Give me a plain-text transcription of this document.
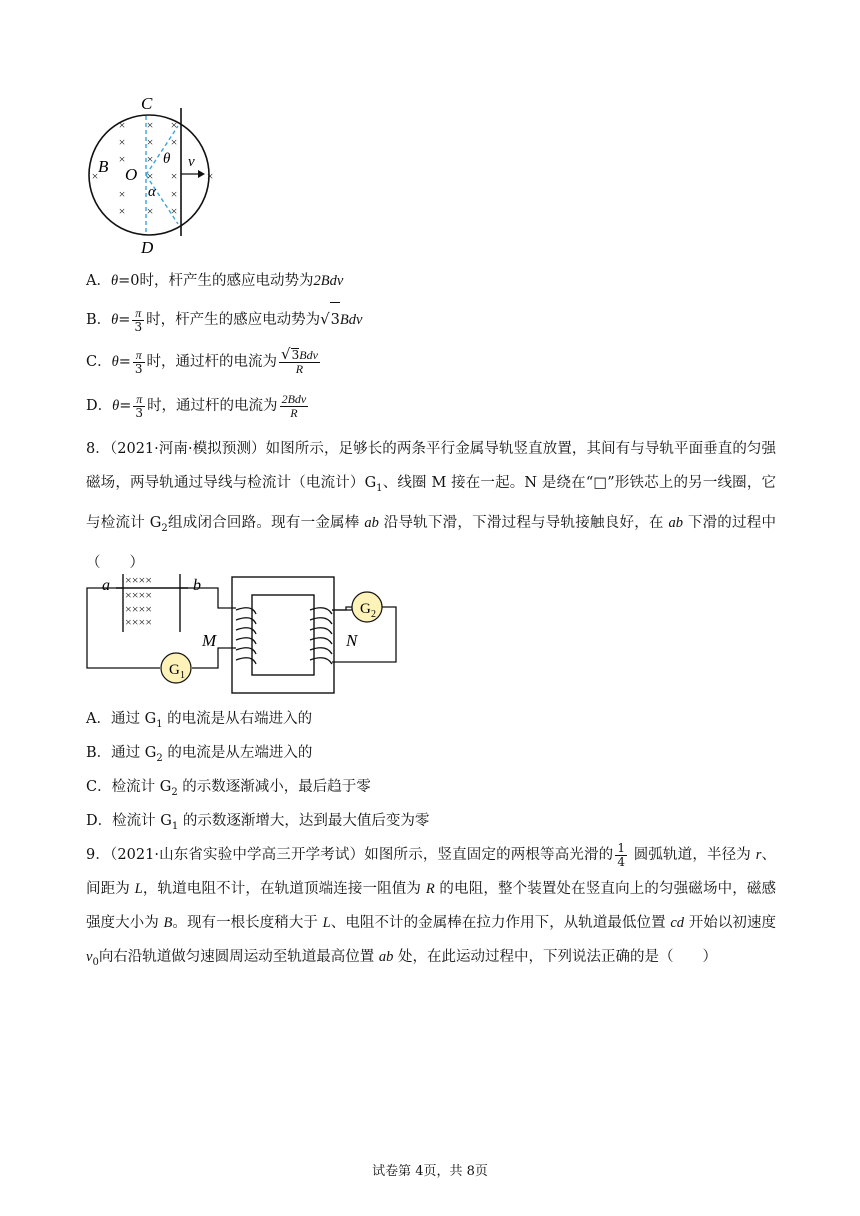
× × ×
× × ×
× ×
×	× × ×
×	×
× × ×
C
D
B O
θ
α
v
A．θ=0时，杆产生的感应电动势为2Bdv
B．$\theta= \frac{\pi}{3}$ 时，杆产生的感应电动势为√3Bdv
C．$\theta= \frac{\pi}{3}$ 时，通过杆的电流为 $\frac{\text{√3Bdv}}{R}$
D．$\theta= \frac{\pi}{3}$ 时，通过杆的电流为 $\frac{\text{2Bdv}}{R}$
8．（2021·河南·模拟预测）如图所示，足够长的两条平行金属导轨竖直放置，其间有与导轨平面垂直的匀强磁场，两导轨通过导线与检流计（电流计）$G_1$、线圈 M 接在一起。N 是绕在“□”形铁芯上的另一线圈，它与检流计 $G_2$组成闭合回路。现有一金属棒 ab 沿导轨下滑，下滑过程与导轨接触良好，在 ab 下滑的过程中（　　）
××××
××××
××××
××××
a	b
G 1
M	N
G 2
A．通过 $G_1$ 的电流是从右端进入的
B．通过 $G_2$ 的电流是从左端进入的
C．检流计 $G_2$ 的示数逐渐减小，最后趋于零
D．检流计 $G_1$ 的示数逐渐增大，达到最大值后变为零
9．（2021·山东省实验中学高三开学考试）如图所示，竖直固定的两根等高光滑的 $\frac{1}{4}$ 圆弧轨道，半径为 r、间距为 L，轨道电阻不计，在轨道顶端连接一阻值为 R 的电阻，整个装置处在竖直向上的匀强磁场中，磁感强度大小为 B。现有一根长度稍大于 L、电阻不计的金属棒在拉力作用下，从轨道最低位置 cd 开始以初速度 $v_0$向右沿轨道做匀速圆周运动至轨道最高位置 ab 处，在此运动过程中，下列说法正确的是（　　）
试卷第 4页，共 8页
